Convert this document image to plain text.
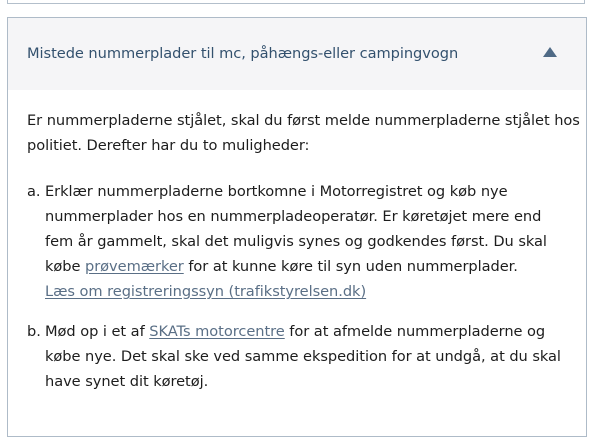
Mistede nummerplader til mc, påhængs-eller campingvogn

Er nummerpladerne stjålet, skal du først melde nummerpladerne stjålet hos
politiet. Derefter har du to muligheder:

a. Erklær nummerpladerne bortkomne i Motorregistret og køb nye
nummerplader hos en nummerpladeoperatør. Er køretøjet mere end
fem år gammelt, skal det muligvis synes og godkendes først. Du skal
købe prøvemærker for at kunne køre til syn uden nummerplader.
Læs om registreringssyn (trafikstyrelsen.dk)
b. Mød op i et af SKATs motorcentre for at afmelde nummerpladerne og
købe nye. Det skal ske ved samme ekspedition for at undgå, at du skal
have synet dit køretøj.
